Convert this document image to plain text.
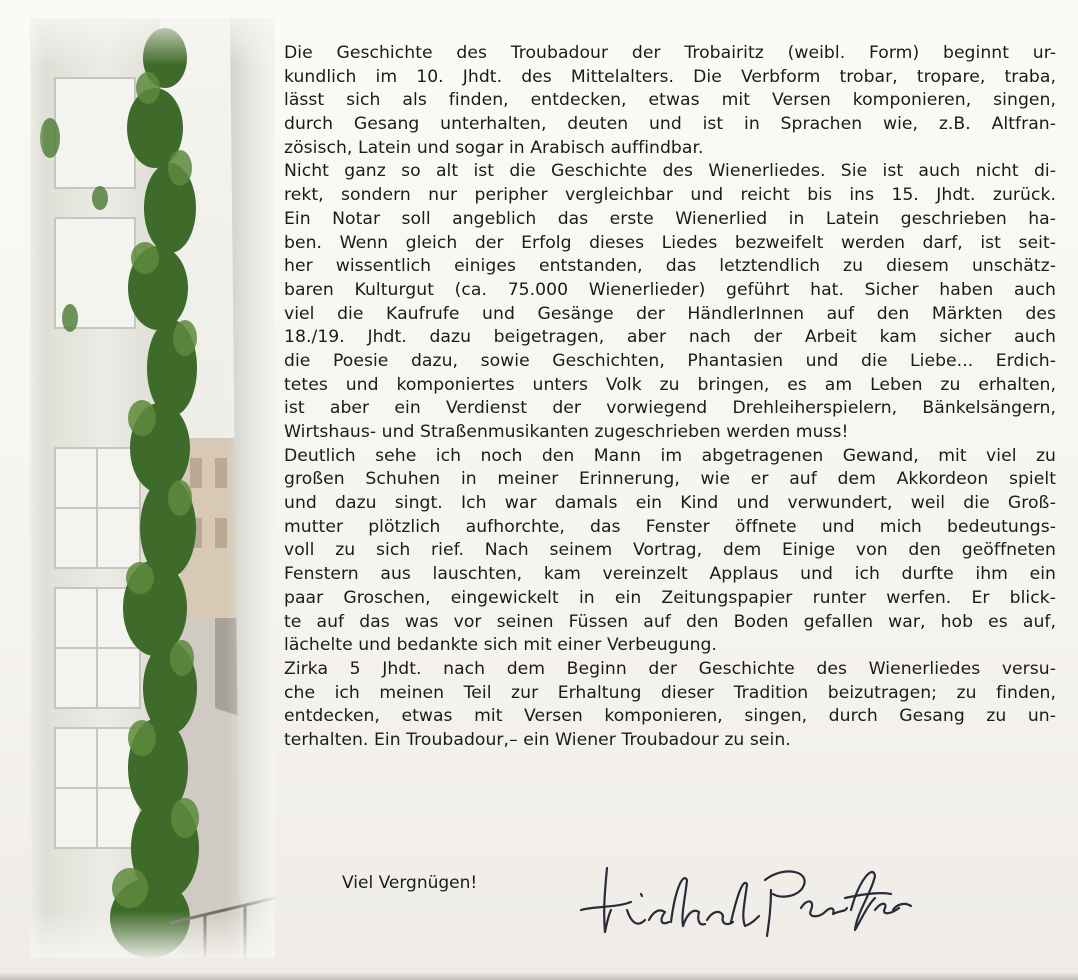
Die Geschichte des Troubadour der Trobairitz (weibl. Form) beginnt ur-
kundlich im 10. Jhdt. des Mittelalters. Die Verbform trobar, tropare, traba,
lässt sich als finden, entdecken, etwas mit Versen komponieren, singen,
durch Gesang unterhalten, deuten und ist in Sprachen wie, z.B. Altfran-
zösisch, Latein und sogar in Arabisch auffindbar.
Nicht ganz so alt ist die Geschichte des Wienerliedes. Sie ist auch nicht di-
rekt, sondern nur peripher vergleichbar und reicht bis ins 15. Jhdt. zurück.
Ein Notar soll angeblich das erste Wienerlied in Latein geschrieben ha-
ben. Wenn gleich der Erfolg dieses Liedes bezweifelt werden darf, ist seit-
her wissentlich einiges entstanden, das letztendlich zu diesem unschätz-
baren Kulturgut (ca. 75.000 Wienerlieder) geführt hat. Sicher haben auch
viel die Kaufrufe und Gesänge der HändlerInnen auf den Märkten des
18./19. Jhdt. dazu beigetragen, aber nach der Arbeit kam sicher auch
die Poesie dazu, sowie Geschichten, Phantasien und die Liebe... Erdich-
tetes und komponiertes unters Volk zu bringen, es am Leben zu erhalten,
ist aber ein Verdienst der vorwiegend Drehleiherspielern, Bänkelsängern,
Wirtshaus- und Straßenmusikanten zugeschrieben werden muss!
Deutlich sehe ich noch den Mann im abgetragenen Gewand, mit viel zu
großen Schuhen in meiner Erinnerung, wie er auf dem Akkordeon spielt
und dazu singt. Ich war damals ein Kind und verwundert, weil die Groß-
mutter plötzlich aufhorchte, das Fenster öffnete und mich bedeutungs-
voll zu sich rief. Nach seinem Vortrag, dem Einige von den geöffneten
Fenstern aus lauschten, kam vereinzelt Applaus und ich durfte ihm ein
paar Groschen, eingewickelt in ein Zeitungspapier runter werfen. Er blick-
te auf das was vor seinen Füssen auf den Boden gefallen war, hob es auf,
lächelte und bedankte sich mit einer Verbeugung.
Zirka 5 Jhdt. nach dem Beginn der Geschichte des Wienerliedes versu-
che ich meinen Teil zur Erhaltung dieser Tradition beizutragen; zu finden,
entdecken, etwas mit Versen komponieren, singen, durch Gesang zu un-
terhalten. Ein Troubadour,– ein Wiener Troubadour zu sein.
Viel Vergnügen!
